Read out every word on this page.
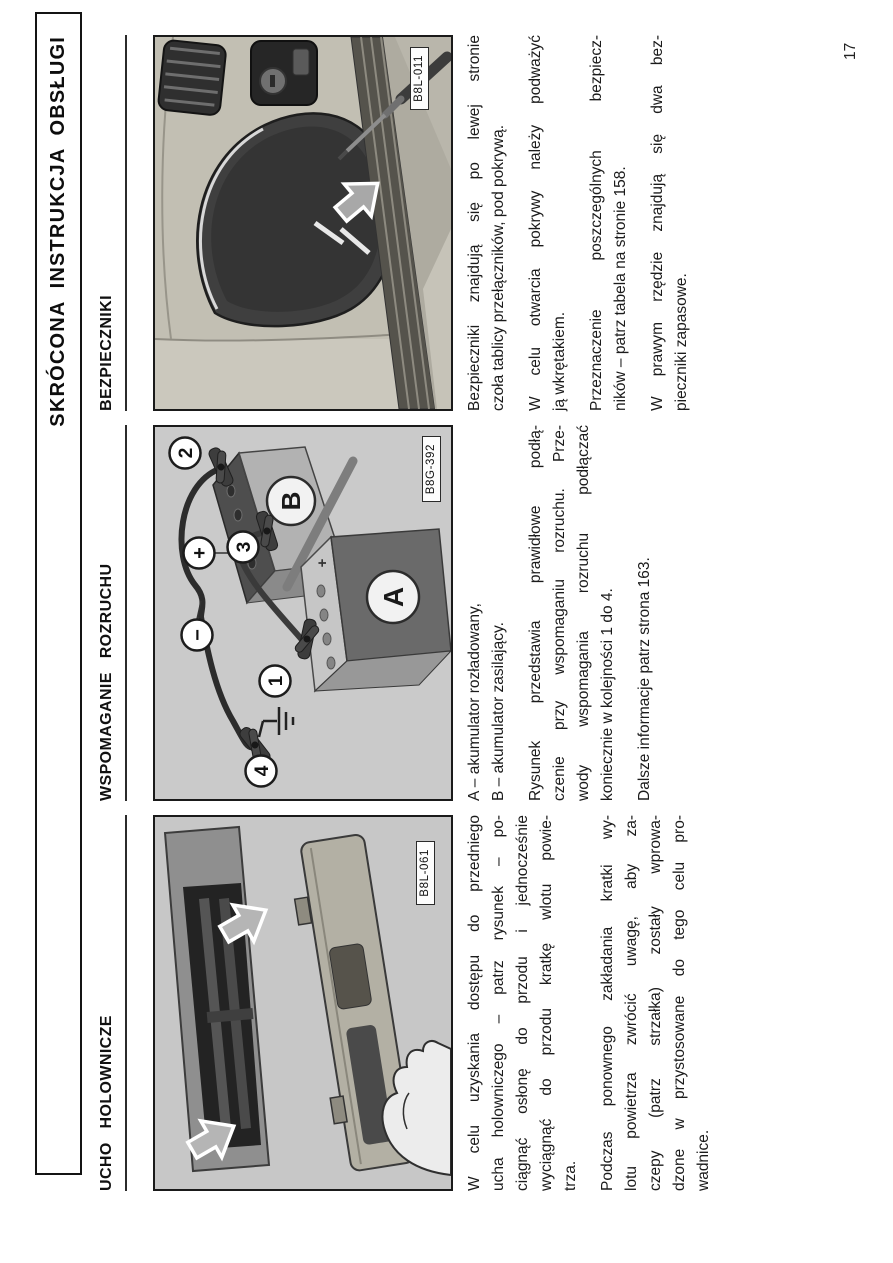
SKRÓCONA INSTRUKCJA OBSŁUGI
UCHO HOLOWNICZE
B8L-061 W celu uzyskania dostępu do przedniego ucha holowniczego – patrz rysunek – po- ciągnąć osłonę do przodu i jednocześnie wyciągnąć do przodu kratkę wlotu powie- trza. Podczas ponownego zakładania kratki wy- lotu powietrza zwrócić uwagę, aby za- czepy (patrz strzałka) zostały wprowa- dzone w przystosowane do tego celu pro- wadnice.
WSPOMAGANIE ROZRUCHU
B
+
A
−
+
1
2
3
4
B8G-392
A – akumulator rozładowany, B – akumulator zasilający. Rysunek przedstawia prawidłowe podłą- czenie przy wspomaganiu rozruchu. Prze- wody wspomagania rozruchu podłączać koniecznie w kolejności 1 do 4. Dalsze informacje patrz strona 163.
BEZPIECZNIKI
B8L-011	Bezpieczniki znajdują się po lewej stronie czoła tablicy przełączników, pod pokrywą. W celu otwarcia pokrywy należy podważyć ją wkrętakiem. Przeznaczenie poszczególnych bezpiecz- ników – patrz tabela na stronie 158. W prawym rzędzie znajdują się dwa bez- pieczniki zapasowe.
17
